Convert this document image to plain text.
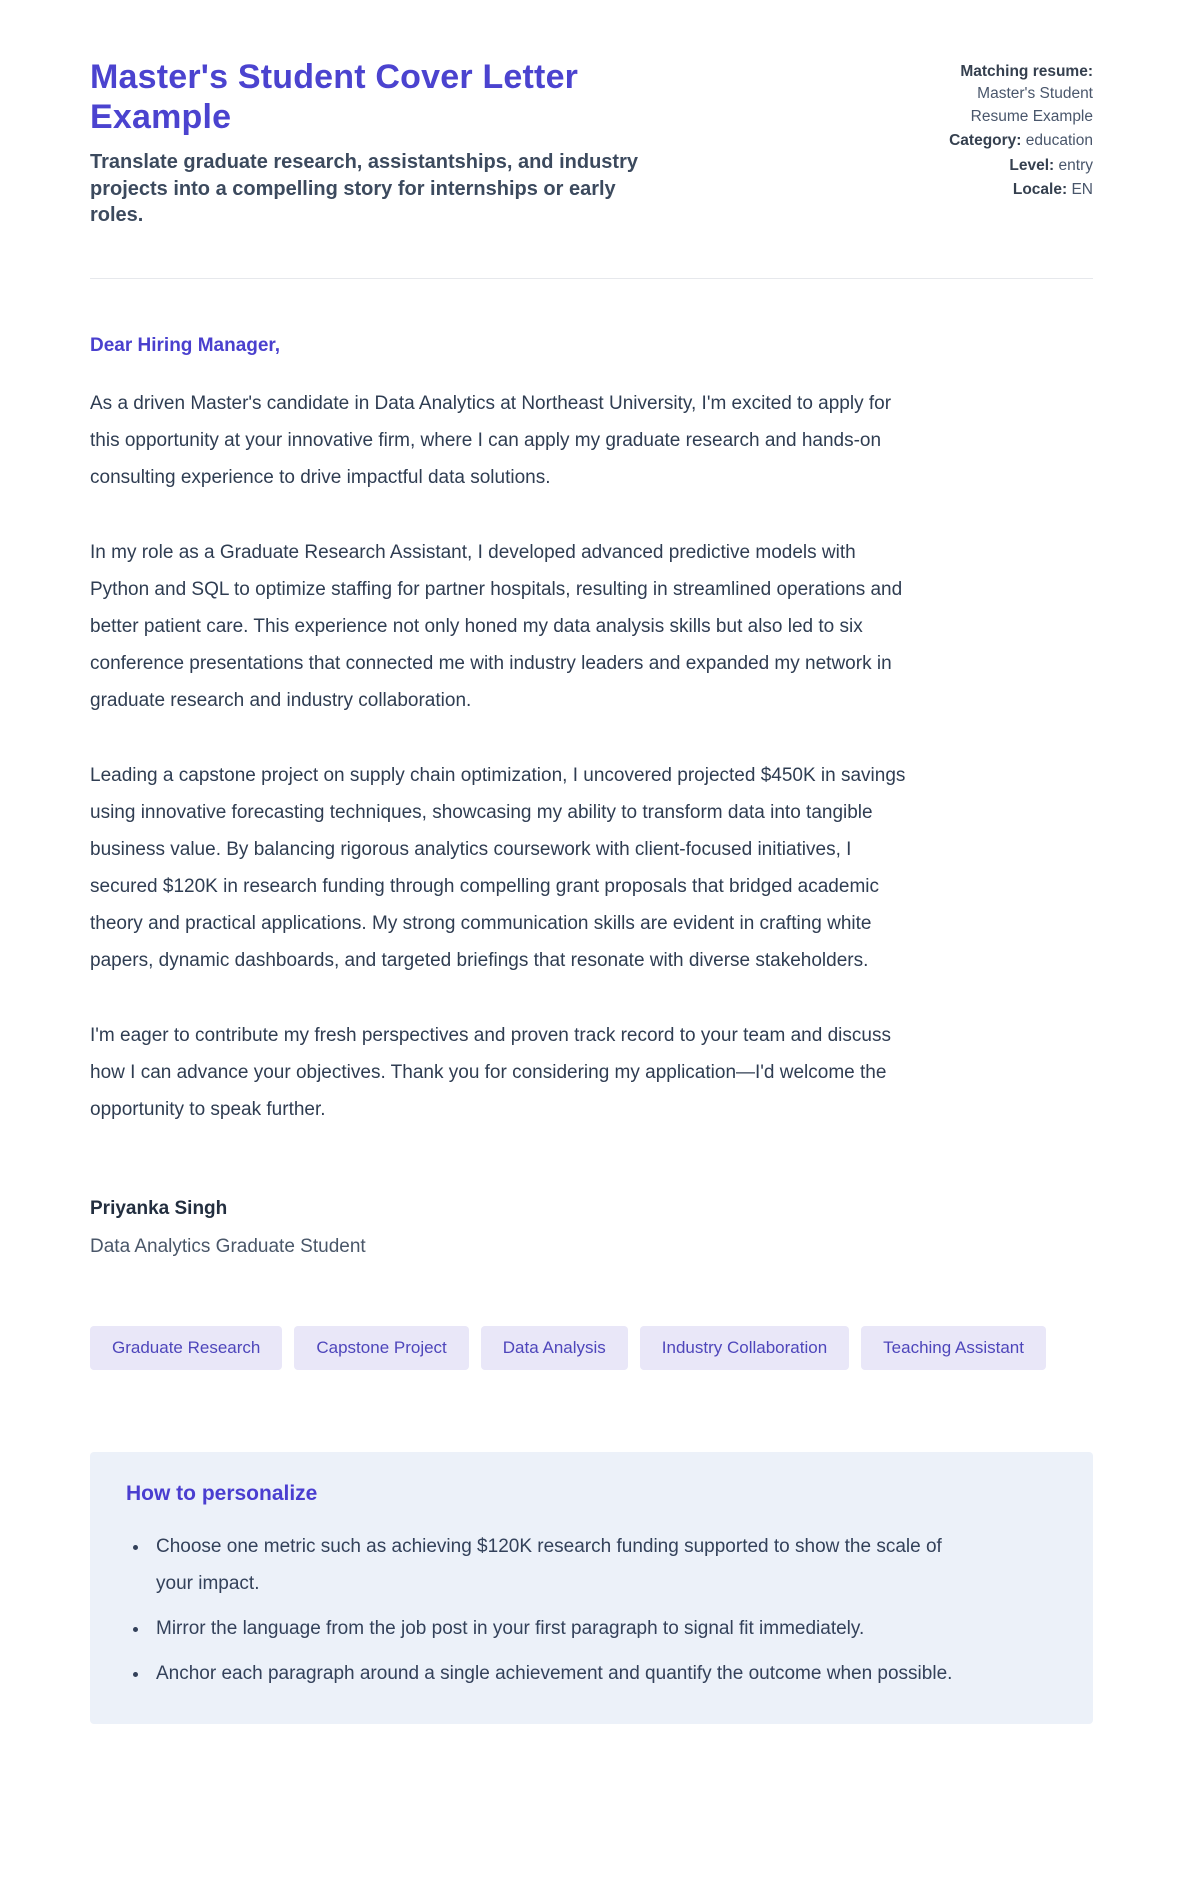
Master's Student Cover Letter Example

Translate graduate research, assistantships, and industry projects into a compelling story for internships or early roles.

Matching resume:
Master's Student Resume Example
Category: education
Level: entry
Locale: EN

Dear Hiring Manager,

As a driven Master's candidate in Data Analytics at Northeast University, I'm excited to apply for this opportunity at your innovative firm, where I can apply my graduate research and hands-on consulting experience to drive impactful data solutions.

In my role as a Graduate Research Assistant, I developed advanced predictive models with Python and SQL to optimize staffing for partner hospitals, resulting in streamlined operations and better patient care. This experience not only honed my data analysis skills but also led to six conference presentations that connected me with industry leaders and expanded my network in graduate research and industry collaboration.

Leading a capstone project on supply chain optimization, I uncovered projected $450K in savings using innovative forecasting techniques, showcasing my ability to transform data into tangible business value. By balancing rigorous analytics coursework with client-focused initiatives, I secured $120K in research funding through compelling grant proposals that bridged academic theory and practical applications. My strong communication skills are evident in crafting white papers, dynamic dashboards, and targeted briefings that resonate with diverse stakeholders.

I'm eager to contribute my fresh perspectives and proven track record to your team and discuss how I can advance your objectives. Thank you for considering my application—I'd welcome the opportunity to speak further.

Priyanka Singh

Data Analytics Graduate Student

Graduate Research	Capstone Project	Data Analysis	Industry Collaboration	Teaching Assistant
How to personalize
• Choose one metric such as achieving $120K research funding supported to show the scale of your impact.
• Mirror the language from the job post in your first paragraph to signal fit immediately.
• Anchor each paragraph around a single achievement and quantify the outcome when possible.
